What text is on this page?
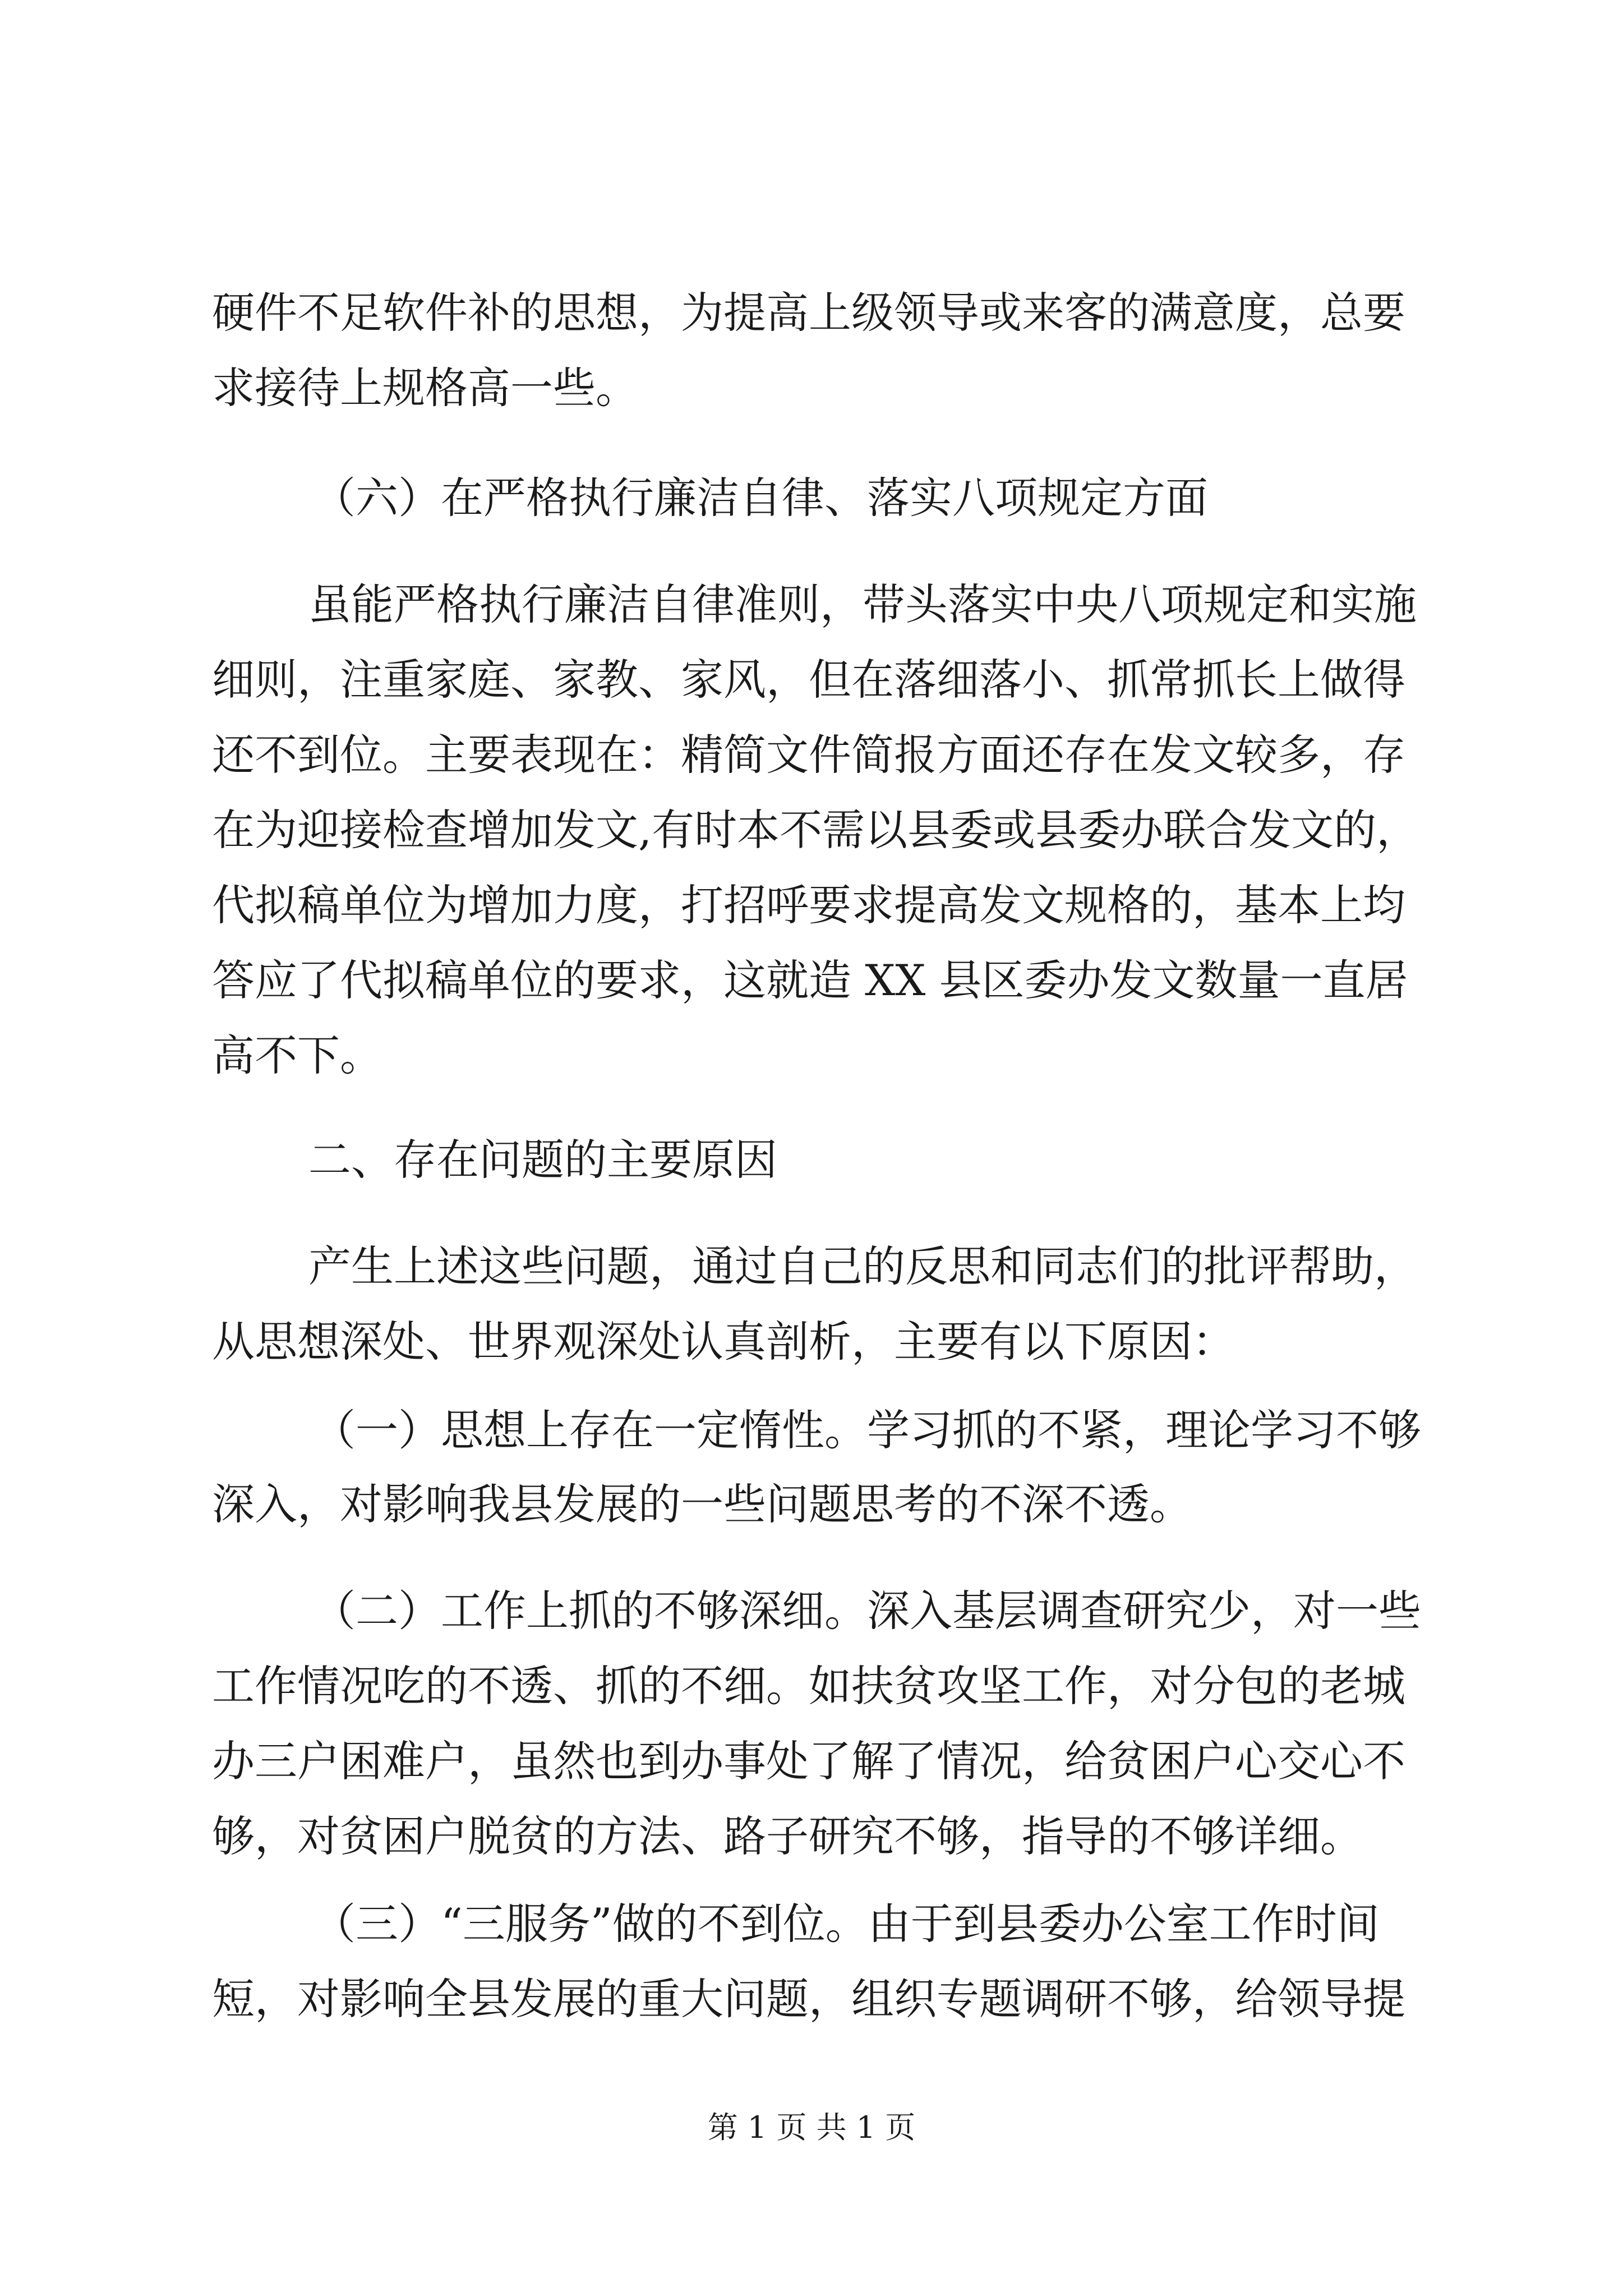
硬件不足软件补的思想，为提高上级领导或来客的满意度，总要
求接待上规格高一些。
（六）在严格执行廉洁自律、落实八项规定方面
虽能严格执行廉洁自律准则，带头落实中央八项规定和实施
细则，注重家庭、家教、家风，但在落细落小、抓常抓长上做得
还不到位。主要表现在：精简文件简报方面还存在发文较多，存
在为迎接检查增加发文,有时本不需以县委或县委办联合发文的，
代拟稿单位为增加力度，打招呼要求提高发文规格的，基本上均
答应了代拟稿单位的要求，这就造 XX 县区委办发文数量一直居
高不下。
二、存在问题的主要原因
产生上述这些问题，通过自己的反思和同志们的批评帮助，
从思想深处、世界观深处认真剖析，主要有以下原因：
（一）思想上存在一定惰性。学习抓的不紧，理论学习不够
深入，对影响我县发展的一些问题思考的不深不透。
（二）工作上抓的不够深细。深入基层调查研究少，对一些
工作情况吃的不透、抓的不细。如扶贫攻坚工作，对分包的老城
办三户困难户，虽然也到办事处了解了情况，给贫困户心交心不
够，对贫困户脱贫的方法、路子研究不够，指导的不够详细。
（三）“三服务”做的不到位。由于到县委办公室工作时间
短，对影响全县发展的重大问题，组织专题调研不够，给领导提
第 1 页 共 1 页
